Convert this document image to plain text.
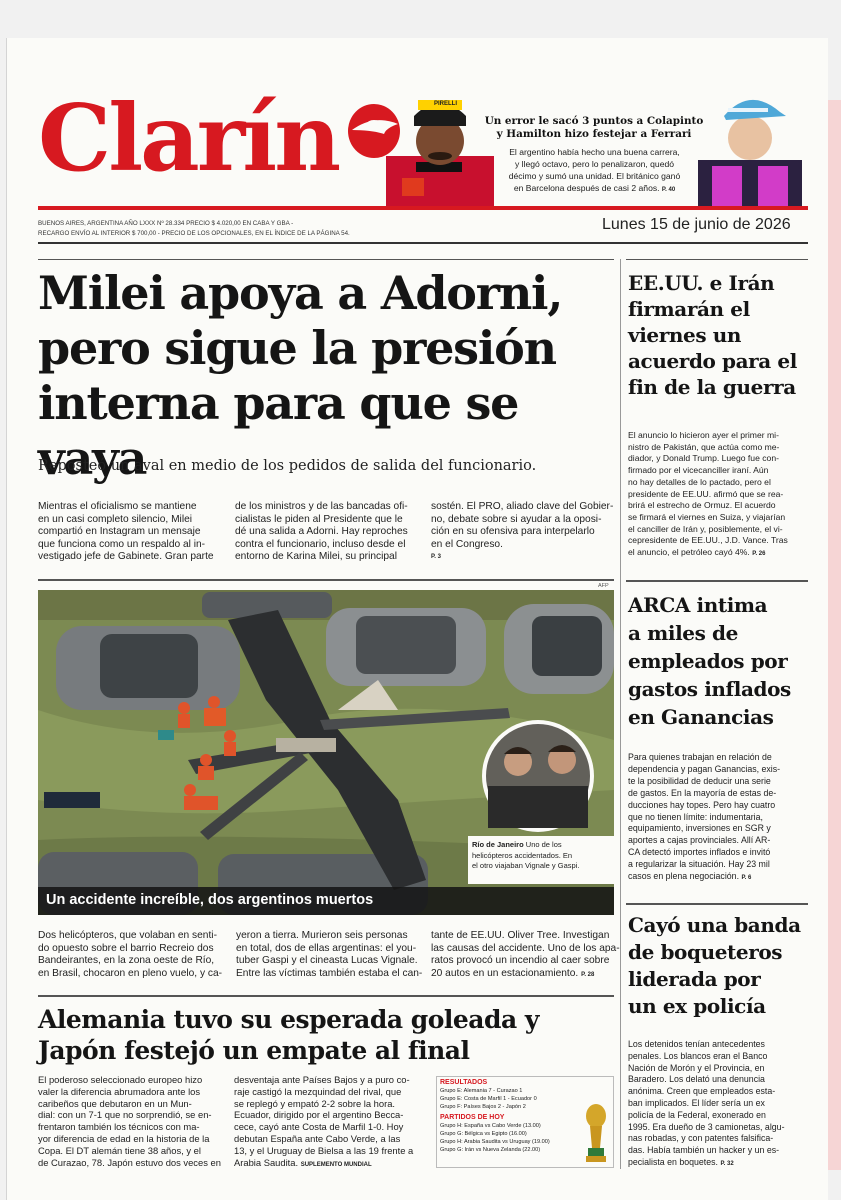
Clarín	PIRELLI
Un error le sacó 3 puntos a Colapinto
y Hamilton hizo festejar a Ferrari
El argentino había hecho una buena carrera,
y llegó octavo, pero lo penalizaron, quedó
décimo y sumó una unidad. El británico ganó
en Barcelona después de casi 2 años. P. 40
BUENOS AIRES, ARGENTINA AÑO LXXX Nº 28.334 PRECIO $ 4.020,00 EN CABA Y GBA -
RECARGO ENVÍO AL INTERIOR $ 700,00 - PRECIO DE LOS OPCIONALES, EN EL ÍNDICE DE LA PÁGINA 54.	Lunes 15 de junio de 2026
Milei apoya a Adorni,
pero sigue la presión
interna para que se vaya
Reposteó un aval en medio de los pedidos de salida del funcionario.
Mientras el oficialismo se mantiene
en un casi completo silencio, Milei
compartió en Instagram un mensaje
que funciona como un respaldo al in-
vestigado jefe de Gabinete. Gran parte
de los ministros y de las bancadas ofi-
cialistas le piden al Presidente que le
dé una salida a Adorni. Hay reproches
contra el funcionario, incluso desde el
entorno de Karina Milei, su principal
sostén. El PRO, aliado clave del Gobier-
no, debate sobre si ayudar a la oposi-
ción en su ofensiva para interpelarlo
en el Congreso.
P. 3
AFP
Río de Janeiro Uno de los
helicópteros accidentados. En
el otro viajaban Vignale y Gaspi.
Un accidente increíble, dos argentinos muertos
Dos helicópteros, que volaban en senti-
do opuesto sobre el barrio Recreio dos
Bandeirantes, en la zona oeste de Río,
en Brasil, chocaron en pleno vuelo, y ca-
yeron a tierra. Murieron seis personas
en total, dos de ellas argentinas: el you-
tuber Gaspi y el cineasta Lucas Vignale.
Entre las víctimas también estaba el can-
tante de EE.UU. Oliver Tree. Investigan
las causas del accidente. Uno de los apa-
ratos provocó un incendio al caer sobre
20 autos en un estacionamiento. P. 28
Alemania tuvo su esperada goleada y
Japón festejó un empate al final
El poderoso seleccionado europeo hizo
valer la diferencia abrumadora ante los
caribeños que debutaron en un Mun-
dial: con un 7-1 que no sorprendió, se en-
frentaron también los técnicos con ma-
yor diferencia de edad en la historia de la
Copa. El DT alemán tiene 38 años, y el
de Curazao, 78. Japón estuvo dos veces en
desventaja ante Países Bajos y a puro co-
raje castigó la mezquindad del rival, que
se replegó y empató 2-2 sobre la hora.
Ecuador, dirigido por el argentino Becca-
cece, cayó ante Costa de Marfil 1-0. Hoy
debutan España ante Cabo Verde, a las
13, y el Uruguay de Bielsa a las 19 frente a
Arabia Saudita. SUPLEMENTO MUNDIAL
RESULTADOS
Grupo E: Alemania 7 - Curazao 1
Grupo E: Costa de Marfil 1 - Ecuador 0
Grupo F: Países Bajos 2 - Japón 2
PARTIDOS DE HOY
Grupo H: España vs Cabo Verde (13.00)
Grupo G: Bélgica vs Egipto (16.00)
Grupo H: Arabia Saudita vs Uruguay (19.00)
Grupo G: Irán vs Nueva Zelanda (22.00)
EE.UU. e Irán
firmarán el
viernes un
acuerdo para el
fin de la guerra
El anuncio lo hicieron ayer el primer mi-
nistro de Pakistán, que actúa como me-
diador, y Donald Trump. Luego fue con-
firmado por el vicecanciller iraní. Aún
no hay detalles de lo pactado, pero el
presidente de EE.UU. afirmó que se rea-
brirá el estrecho de Ormuz. El acuerdo
se firmará el viernes en Suiza, y viajarían
el canciller de Irán y, posiblemente, el vi-
cepresidente de EE.UU., J.D. Vance. Tras
el anuncio, el petróleo cayó 4%. P. 26
ARCA intima
a miles de
empleados por
gastos inflados
en Ganancias
Para quienes trabajan en relación de
dependencia y pagan Ganancias, exis-
te la posibilidad de deducir una serie
de gastos. En la mayoría de estas de-
ducciones hay topes. Pero hay cuatro
que no tienen límite: indumentaria,
equipamiento, inversiones en SGR y
aportes a cajas provinciales. Allí AR-
CA detectó importes inflados e invitó
a regularizar la situación. Hay 23 mil
casos en plena negociación. P. 6
Cayó una banda
de boqueteros
liderada por
un ex policía
Los detenidos tenían antecedentes
penales. Los blancos eran el Banco
Nación de Morón y el Provincia, en
Baradero. Los delató una denuncia
anónima. Creen que empleados esta-
ban implicados. El líder sería un ex
policía de la Federal, exonerado en
1995. Era dueño de 3 camionetas, algu-
nas robadas, y con patentes falsifica-
das. Había también un hacker y un es-
pecialista en boquetes. P. 32
